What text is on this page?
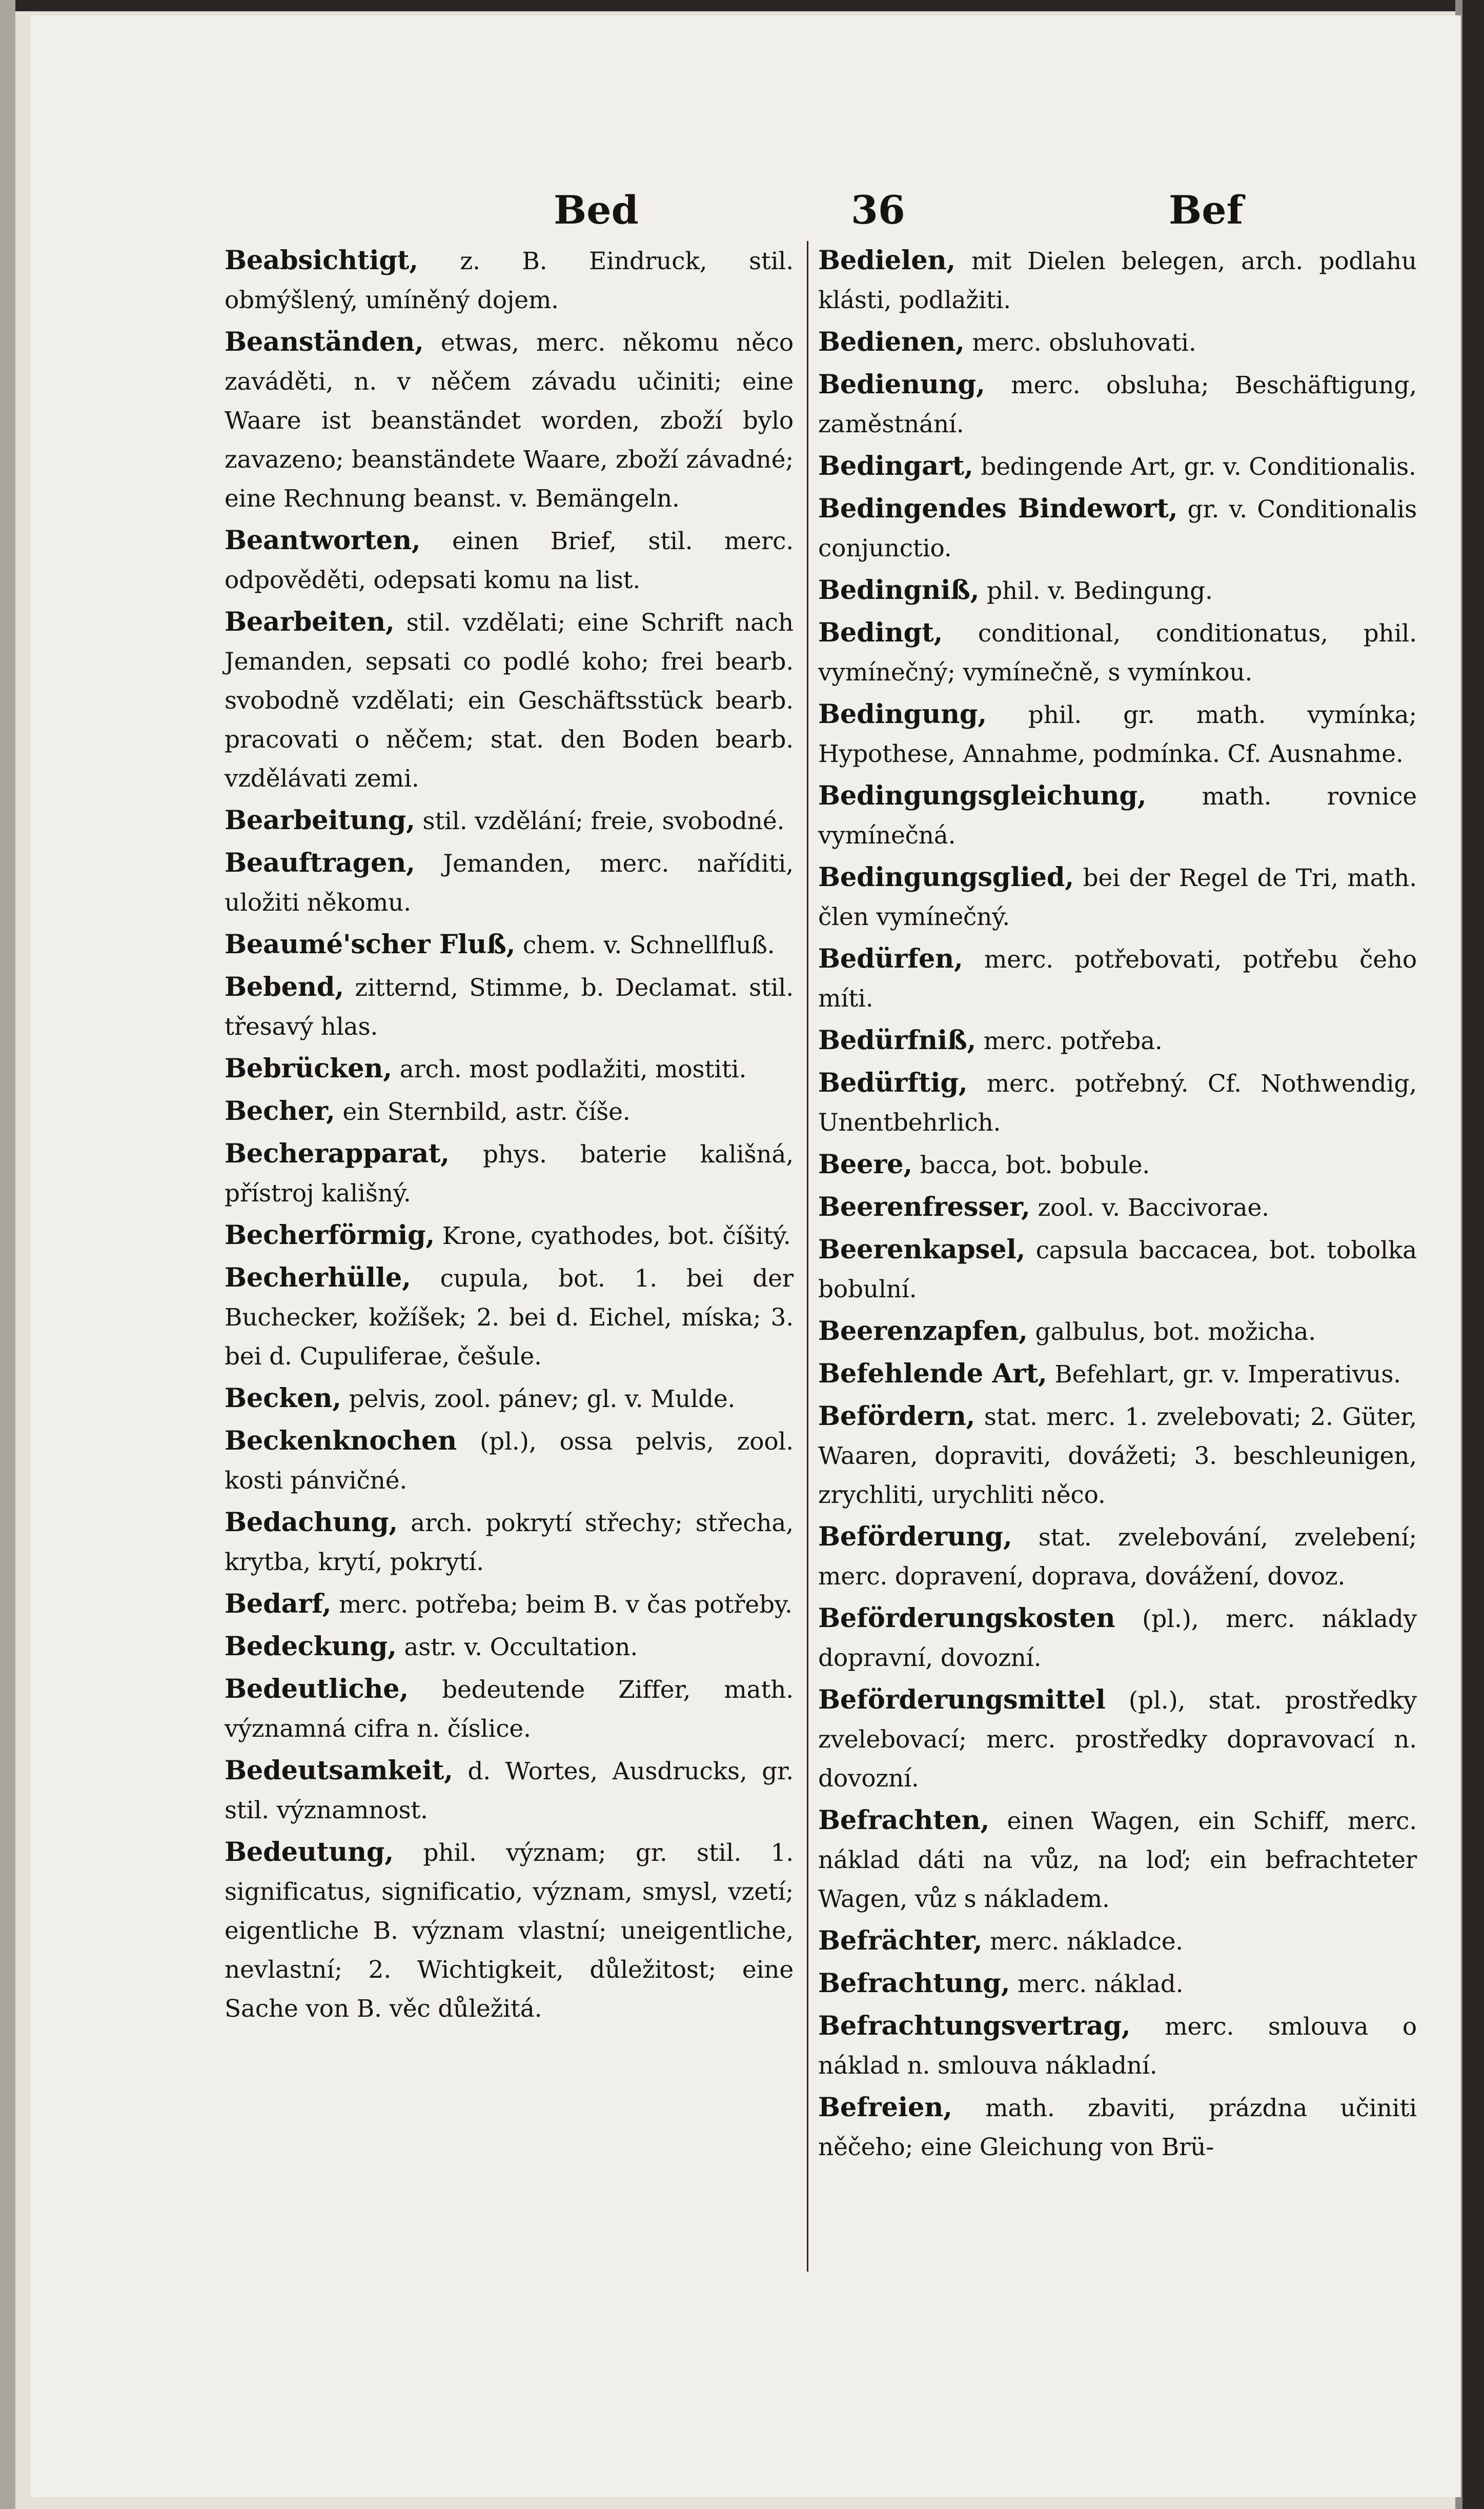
Bed	36	Bef

Beabsichtigt, z. B. Eindruck, stil. obmýšlený, umíněný dojem.

Beanständen, etwas, merc. někomu něco zaváděti, n. v něčem závadu učiniti; eine Waare ist beanständet worden, zboží bylo zavazeno; beanständete Waare, zboží závadné; eine Rechnung beanst. v. Bemängeln.

Beantworten, einen Brief, stil. merc. odpověděti, odepsati komu na list.

Bearbeiten, stil. vzdělati; eine Schrift nach Jemanden, sepsati co podlé koho; frei bearb. svobodně vzdělati; ein Geschäftsstück bearb. pracovati o něčem; stat. den Boden bearb. vzdělávati zemi.

Bearbeitung, stil. vzdělání; freie, svobodné.

Beauftragen, Jemanden, merc. naříditi, uložiti někomu.

Beaumé'scher Fluß, chem. v. Schnellfluß.

Bebend, zitternd, Stimme, b. Declamat. stil. třesavý hlas.

Bebrücken, arch. most podlažiti, mostiti.

Becher, ein Sternbild, astr. číše.

Becherapparat, phys. baterie kališná, přístroj kališný.

Becherförmig, Krone, cyathodes, bot. číšitý.

Becherhülle, cupula, bot. 1. bei der Buchecker, kožíšek; 2. bei d. Eichel, míska; 3. bei d. Cupuliferae, češule.

Becken, pelvis, zool. pánev; gl. v. Mulde.

Beckenknochen (pl.), ossa pelvis, zool. kosti pánvičné.

Bedachung, arch. pokrytí střechy; střecha, krytba, krytí, pokrytí.

Bedarf, merc. potřeba; beim B. v čas potřeby.

Bedeckung, astr. v. Occultation.

Bedeutliche, bedeutende Ziffer, math. významná cifra n. číslice.

Bedeutsamkeit, d. Wortes, Ausdrucks, gr. stil. významnost.

Bedeutung, phil. význam; gr. stil. 1. significatus, significatio, význam, smysl, vzetí; eigentliche B. význam vlastní; uneigentliche, nevlastní; 2. Wichtigkeit, důležitost; eine Sache von B. věc důležitá.

Bedielen, mit Dielen belegen, arch. podlahu klásti, podlažiti.

Bedienen, merc. obsluhovati.

Bedienung, merc. obsluha; Beschäftigung, zaměstnání.

Bedingart, bedingende Art, gr. v. Conditionalis.

Bedingendes Bindewort, gr. v. Conditionalis conjunctio.

Bedingniß, phil. v. Bedingung.

Bedingt, conditional, conditionatus, phil. vymínečný; vymínečně, s vymínkou.

Bedingung, phil. gr. math. vymínka; Hypothese, Annahme, podmínka. Cf. Ausnahme.

Bedingungsgleichung, math. rovnice vymínečná.

Bedingungsglied, bei der Regel de Tri, math. člen vymínečný.

Bedürfen, merc. potřebovati, potřebu čeho míti.

Bedürfniß, merc. potřeba.

Bedürftig, merc. potřebný. Cf. Nothwendig, Unentbehrlich.

Beere, bacca, bot. bobule.

Beerenfresser, zool. v. Baccivorae.

Beerenkapsel, capsula baccacea, bot. tobolka bobulní.

Beerenzapfen, galbulus, bot. možicha.

Befehlende Art, Befehlart, gr. v. Imperativus.

Befördern, stat. merc. 1. zvelebovati; 2. Güter, Waaren, dopraviti, dovážeti; 3. beschleunigen, zrychliti, urychliti něco.

Beförderung, stat. zvelebování, zvelebení; merc. dopravení, doprava, dovážení, dovoz.

Beförderungskosten (pl.), merc. náklady dopravní, dovozní.

Beförderungsmittel (pl.), stat. prostředky zvelebovací; merc. prostředky dopravovací n. dovozní.

Befrachten, einen Wagen, ein Schiff, merc. náklad dáti na vůz, na loď; ein befrachteter Wagen, vůz s nákladem.

Befrächter, merc. nákladce.

Befrachtung, merc. náklad.

Befrachtungsvertrag, merc. smlouva o náklad n. smlouva nákladní.

Befreien, math. zbaviti, prázdna učiniti něčeho; eine Gleichung von Brü-
